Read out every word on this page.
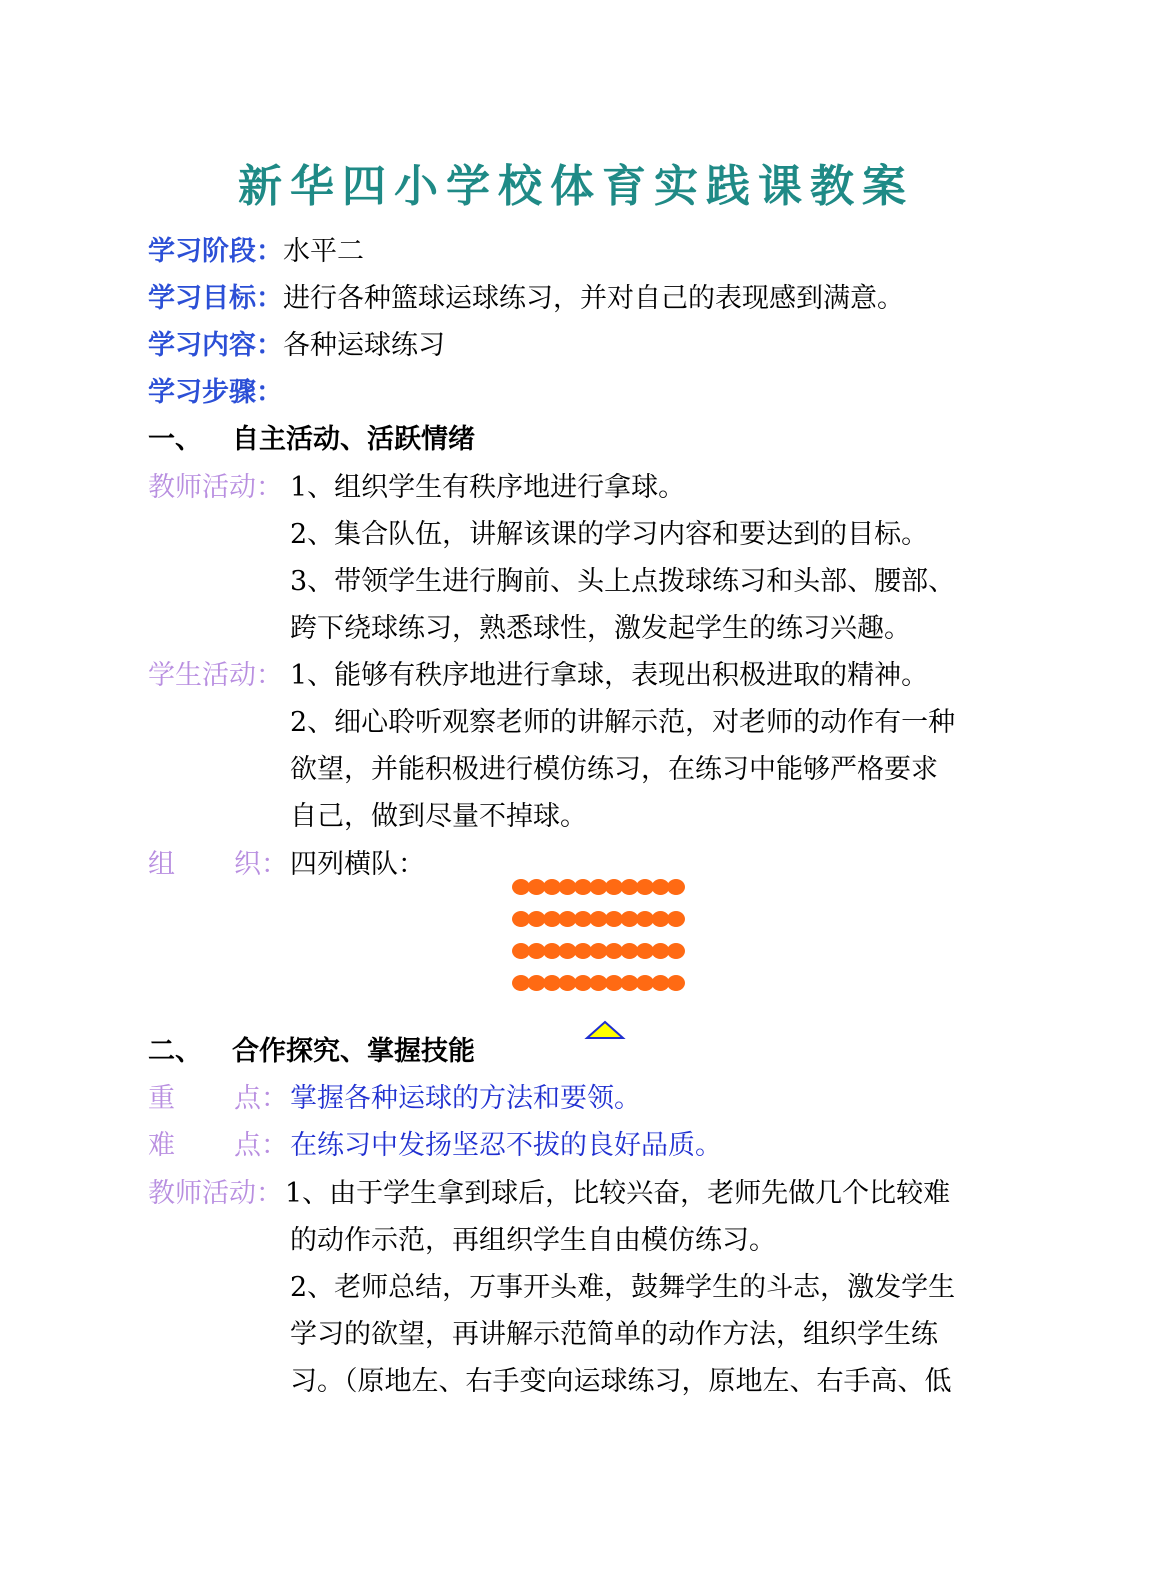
新华四小学校体育实践课教案
学习阶段：水平二
学习目标：进行各种篮球运球练习，并对自己的表现感到满意。
学习内容：各种运球练习
学习步骤：
一、 自主活动、活跃情绪
教师活动： 1、组织学生有秩序地进行拿球。
2、集合队伍，讲解该课的学习内容和要达到的目标。
3、带领学生进行胸前、头上点拨球练习和头部、腰部、
跨下绕球练习，熟悉球性，激发起学生的练习兴趣。
学生活动： 1、能够有秩序地进行拿球，表现出积极进取的精神。
2、细心聆听观察老师的讲解示范，对老师的动作有一种
欲望，并能积极进行模仿练习，在练习中能够严格要求
自己，做到尽量不掉球。
组 织：四列横队：
二、 合作探究、掌握技能
重 点：掌握各种运球的方法和要领。
难 点：在练习中发扬坚忍不拔的良好品质。
教师活动： 1、由于学生拿到球后，比较兴奋，老师先做几个比较难
的动作示范，再组织学生自由模仿练习。
2、老师总结，万事开头难，鼓舞学生的斗志，激发学生
学习的欲望，再讲解示范简单的动作方法，组织学生练
习。（原地左、右手变向运球练习，原地左、右手高、低
